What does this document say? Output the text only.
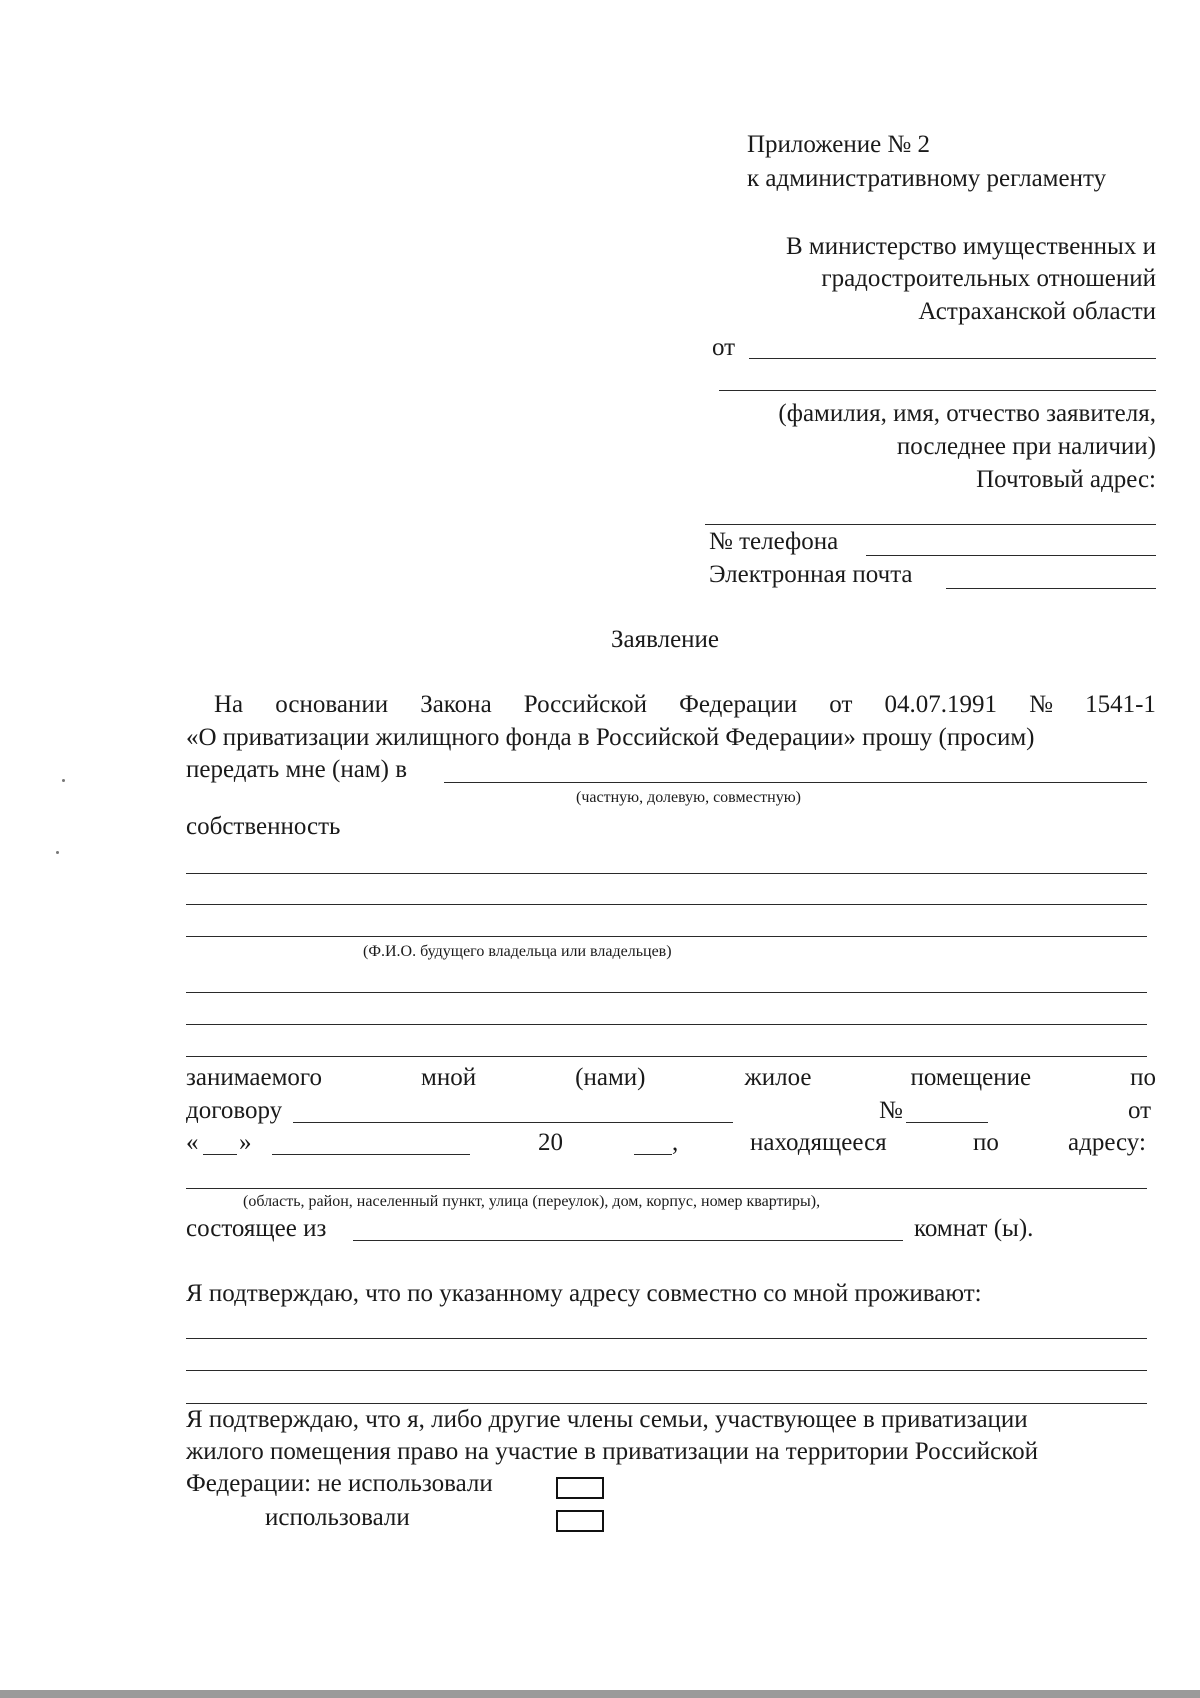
Приложение № 2
к административному регламенту
В министерство имущественных и
градостроительных отношений
Астраханской области
от
(фамилия, имя, отчество заявителя,
последнее при наличии)
Почтовый адрес:
№ телефона
Электронная почта
Заявление
На основании Закона Российской Федерации от 04.07.1991 № 1541-1
«О приватизации жилищного фонда в Российской Федерации» прошу (просим)
передать мне (нам) в
(частную, долевую, совместную)
собственность
(Ф.И.О. будущего владельца или владельцев)
занимаемого	мной	(нами)	жилое	помещение	по
договору	№	от
« »	20	,	находящееся	по	адресу:
(область, район, населенный пункт, улица (переулок), дом, корпус, номер квартиры),
состоящее из	комнат (ы).
Я подтверждаю, что по указанному адресу совместно со мной проживают:
Я подтверждаю, что я, либо другие члены семьи, участвующее в приватизации
жилого помещения право на участие в приватизации на территории Российской
Федерации: не использовали
использовали
